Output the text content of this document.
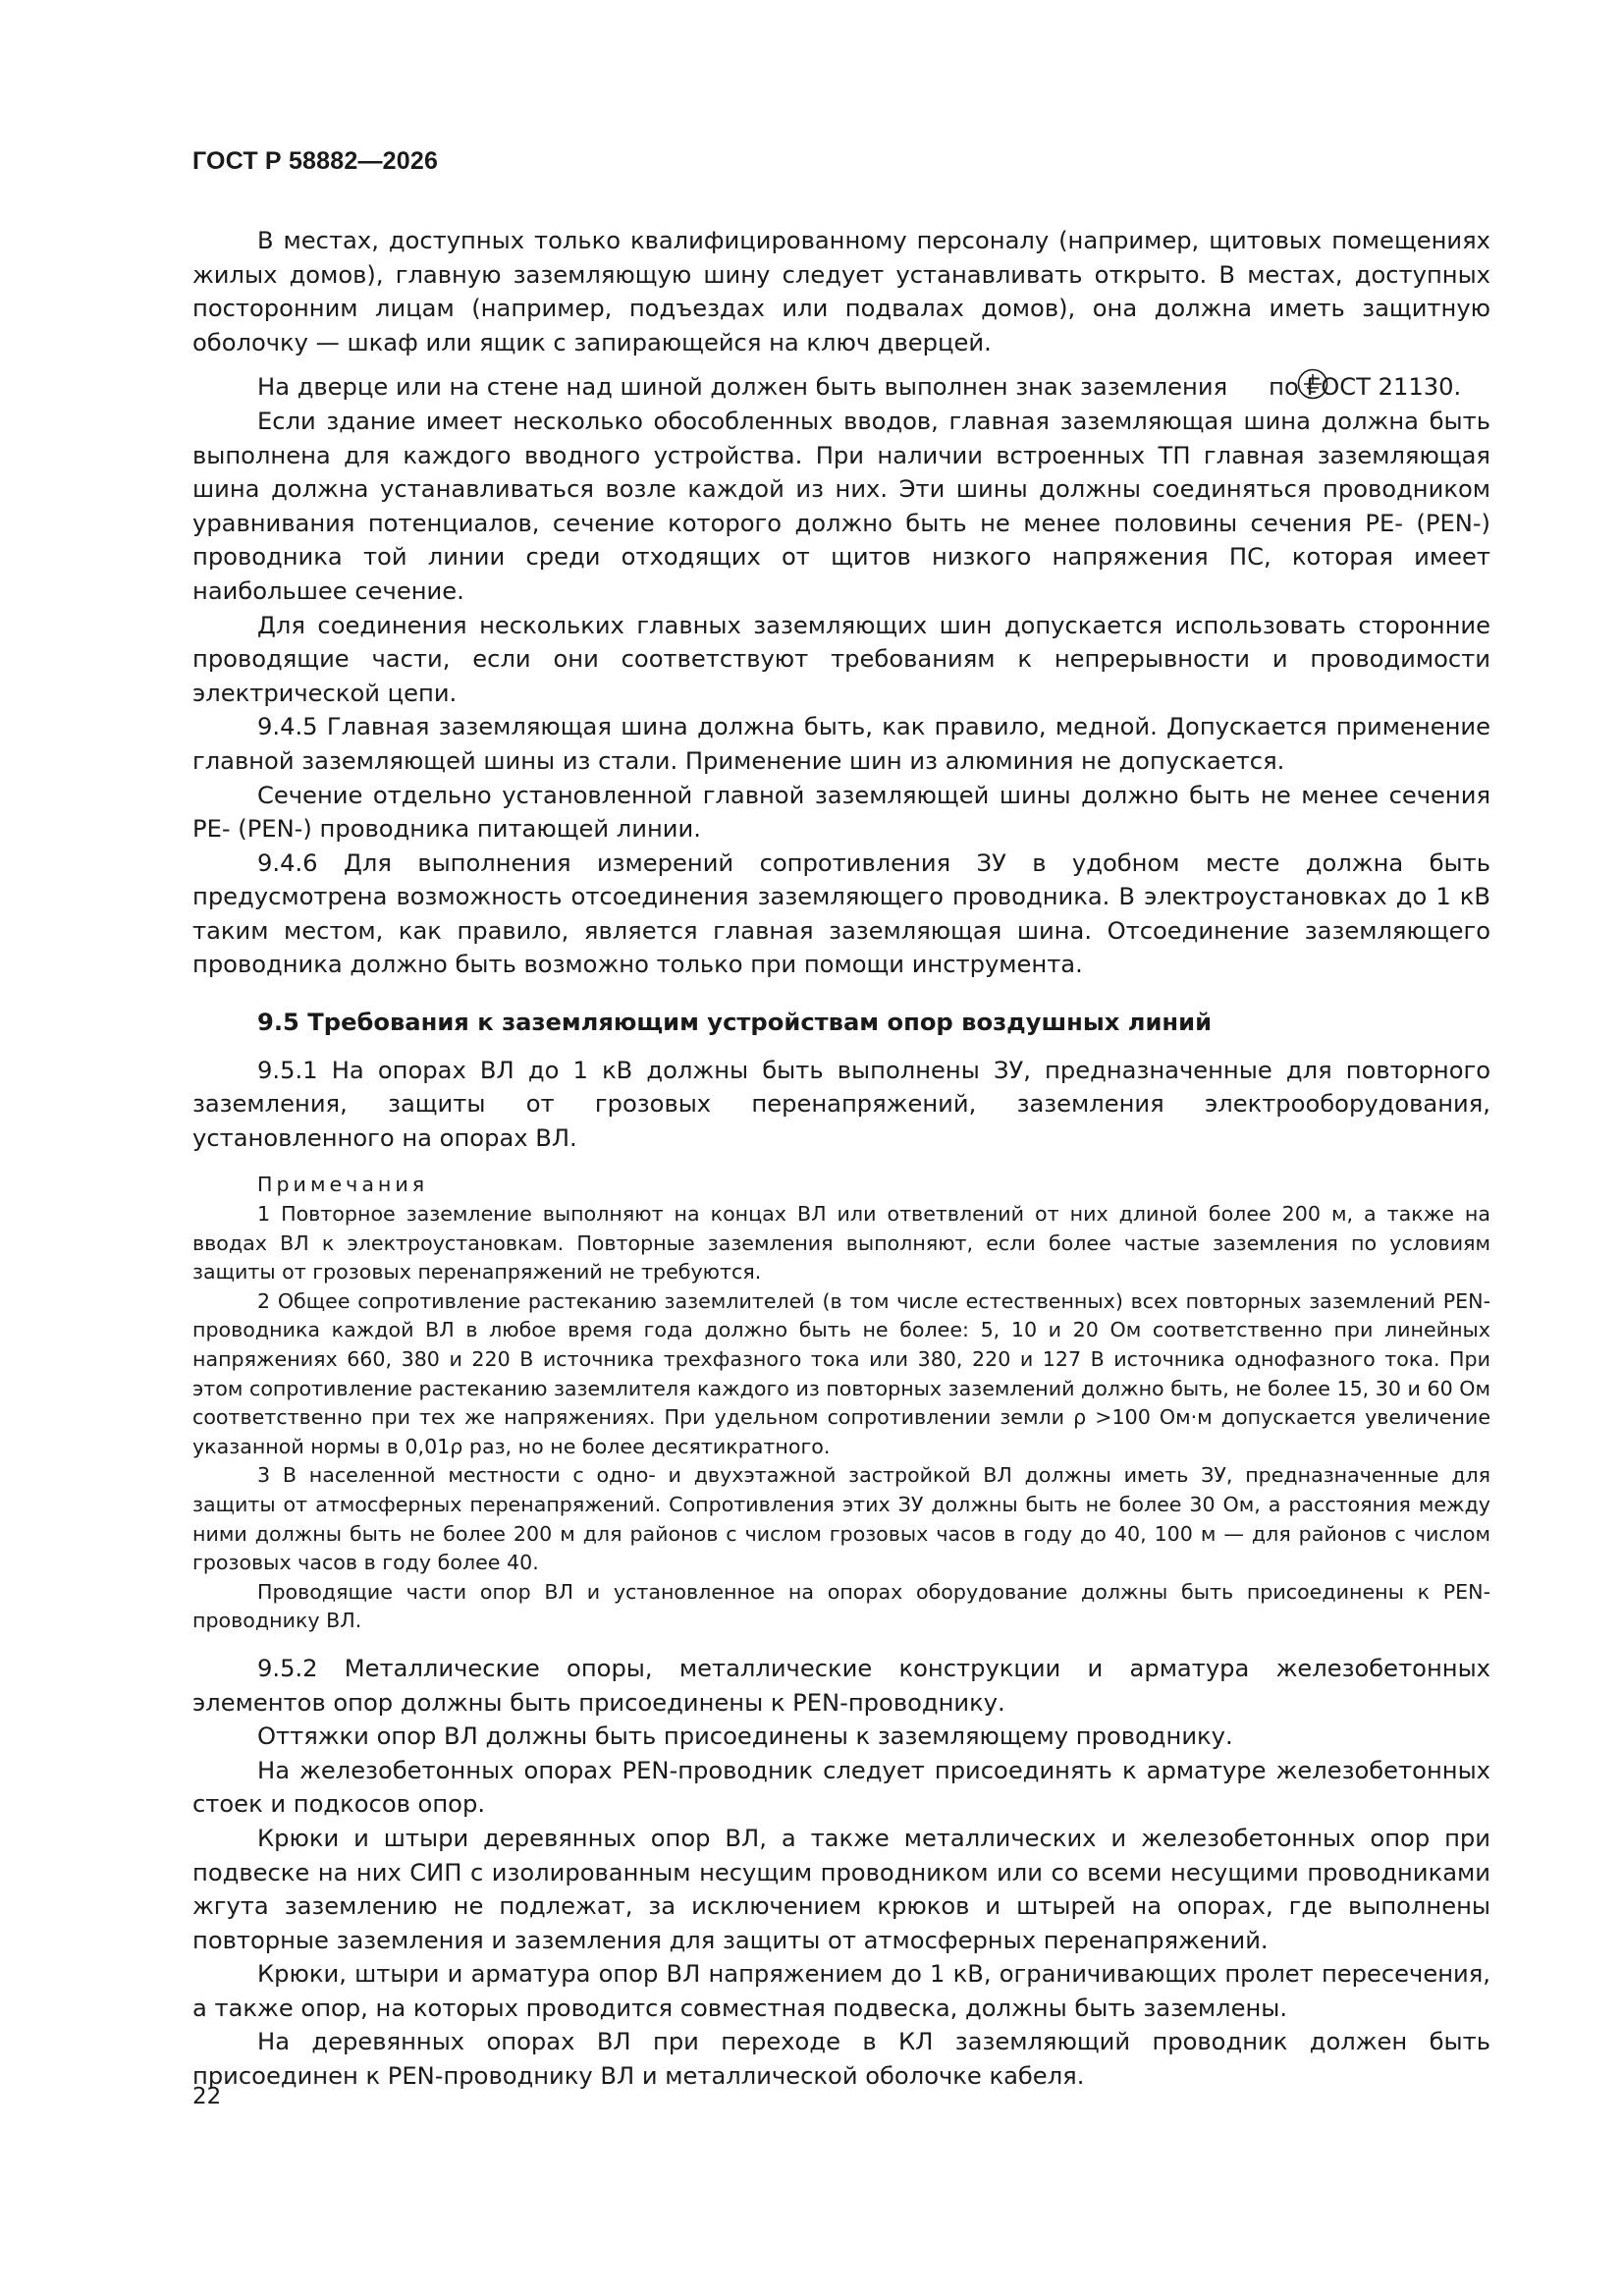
ГОСТ Р 58882—2026

В местах, доступных только квалифицированному персоналу (например, щитовых помещениях жилых домов), главную заземляющую шину следует устанавливать открыто. В местах, доступных посторонним лицам (например, подъездах или подвалах домов), она должна иметь защитную оболочку — шкаф или ящик с запирающейся на ключ дверцей.

На дверце или на стене над шиной должен быть выполнен знак заземления по ГОСТ 21130.

Если здание имеет несколько обособленных вводов, главная заземляющая шина должна быть выполнена для каждого вводного устройства. При наличии встроенных ТП главная заземляющая шина должна устанавливаться возле каждой из них. Эти шины должны соединяться проводником уравнивания потенциалов, сечение которого должно быть не менее половины сечения РЕ- (PEN-) проводника той линии среди отходящих от щитов низкого напряжения ПС, которая имеет наибольшее сечение.

Для соединения нескольких главных заземляющих шин допускается использовать сторонние проводящие части, если они соответствуют требованиям к непрерывности и проводимости электрической цепи.

9.4.5 Главная заземляющая шина должна быть, как правило, медной. Допускается применение главной заземляющей шины из стали. Применение шин из алюминия не допускается.

Сечение отдельно установленной главной заземляющей шины должно быть не менее сечения РЕ- (PEN-) проводника питающей линии.

9.4.6 Для выполнения измерений сопротивления ЗУ в удобном месте должна быть предусмотрена возможность отсоединения заземляющего проводника. В электроустановках до 1 кВ таким местом, как правило, является главная заземляющая шина. Отсоединение заземляющего проводника должно быть возможно только при помощи инструмента.

9.5 Требования к заземляющим устройствам опор воздушных линий

9.5.1 На опорах ВЛ до 1 кВ должны быть выполнены ЗУ, предназначенные для повторного заземления, защиты от грозовых перенапряжений, заземления электрооборудования, установленного на опорах ВЛ.

Примечания

1 Повторное заземление выполняют на концах ВЛ или ответвлений от них длиной более 200 м, а также на вводах ВЛ к электроустановкам. Повторные заземления выполняют, если более частые заземления по условиям защиты от грозовых перенапряжений не требуются.

2 Общее сопротивление растеканию заземлителей (в том числе естественных) всех повторных заземлений PEN-проводника каждой ВЛ в любое время года должно быть не более: 5, 10 и 20 Ом соответственно при линейных напряжениях 660, 380 и 220 В источника трехфазного тока или 380, 220 и 127 В источника однофазного тока. При этом сопротивление растеканию заземлителя каждого из повторных заземлений должно быть, не более 15, 30 и 60 Ом соответственно при тех же напряжениях. При удельном сопротивлении земли ρ >100 Ом·м допускается увеличение указанной нормы в 0,01ρ раз, но не более десятикратного.

3 В населенной местности с одно- и двухэтажной застройкой ВЛ должны иметь ЗУ, предназначенные для защиты от атмосферных перенапряжений. Сопротивления этих ЗУ должны быть не более 30 Ом, а расстояния между ними должны быть не более 200 м для районов с числом грозовых часов в году до 40, 100 м — для районов с числом грозовых часов в году более 40.

Проводящие части опор ВЛ и установленное на опорах оборудование должны быть присоединены к PEN-проводнику ВЛ.

9.5.2 Металлические опоры, металлические конструкции и арматура железобетонных элементов опор должны быть присоединены к PEN-проводнику.

Оттяжки опор ВЛ должны быть присоединены к заземляющему проводнику.

На железобетонных опорах PEN-проводник следует присоединять к арматуре железобетонных стоек и подкосов опор.

Крюки и штыри деревянных опор ВЛ, а также металлических и железобетонных опор при подвеске на них СИП с изолированным несущим проводником или со всеми несущими проводниками жгута заземлению не подлежат, за исключением крюков и штырей на опорах, где выполнены повторные заземления и заземления для защиты от атмосферных перенапряжений.

Крюки, штыри и арматура опор ВЛ напряжением до 1 кВ, ограничивающих пролет пересечения, а также опор, на которых проводится совместная подвеска, должны быть заземлены.

На деревянных опорах ВЛ при переходе в КЛ заземляющий проводник должен быть присоединен к PEN-проводнику ВЛ и металлической оболочке кабеля.

22
